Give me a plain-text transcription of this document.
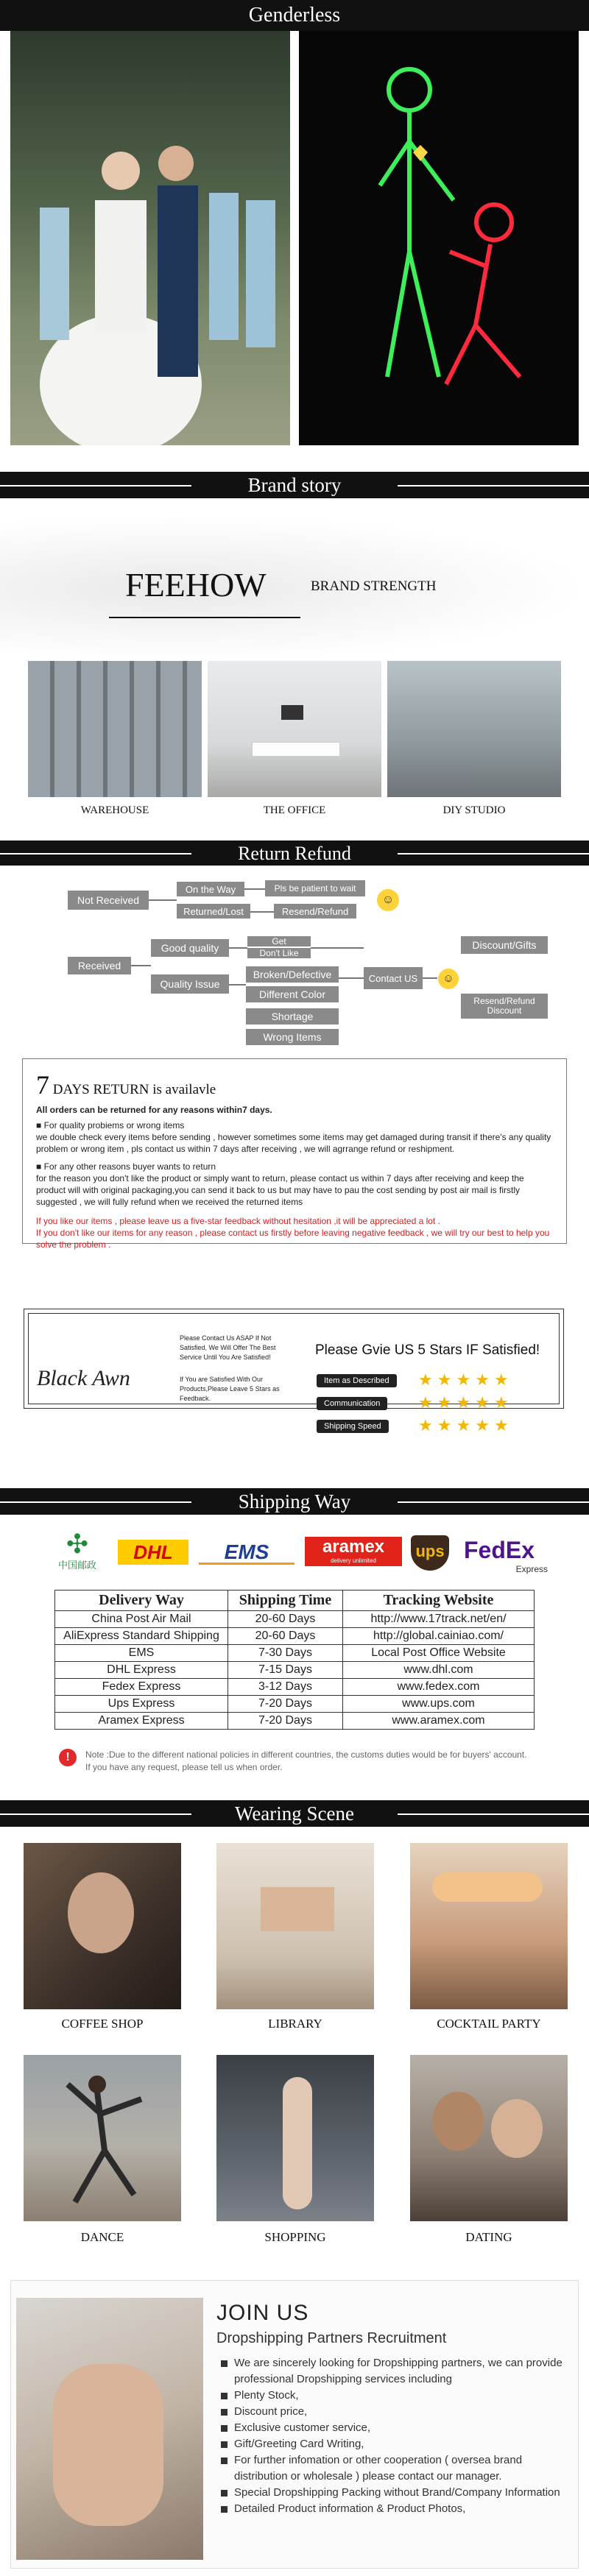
Genderless
Brand story
FEEHOW	BRAND STRENGTH
WAREHOUSE	THE OFFICE	DIY STUDIO
Return Refund
Not Received
On the Way	Pls be patient to wait
Returned/Lost	Resend/Refund
☺
Received
Good quality
Quality Issue
Get
Don't Like
Broken/Defective
Different Color
Shortage
Wrong Items
Contact US
Discount/Gifts
Resend/Refund Discount
☺
7 DAYS RETURN is availavle
All orders can be returned for any reasons within7 days.
■ For quality probiems or wrong items
we double check every items before sending , however sometimes some items may get damaged during transit if there's any quality problem or wrong item , pls contact us within 7 days after receiving , we will agrrange refund or reshipment.
■ For any other reasons buyer wants to return
for the reason you don't like the product or simply want to return, please contact us within 7 days after receiving and keep the product will with original packaging,you can send it back to us but may have to pau the cost sending by post air mail is firstly suggested , we will fully refund when we received the returned items
If you like our items , please leave us a five-star feedback without hesitation ,it will be appreciated a lot .
If you don't like our items for any reason , please contact us firstly before leaving negative feedback , we will try our best to help you solve the problem .
Black Awn
Please Contact Us ASAP If Not Satisfied, We Will Offer The Best Service Until You Are Satisfied!
If You are Satisfied With Our Products,Please Leave 5 Stars as Feedback.
Please Gvie US 5 Stars IF Satisfied!
Item as Described
Communication
Shipping Speed
★ ★ ★ ★ ★
★ ★ ★ ★ ★
★ ★ ★ ★ ★
Shipping Way
✣
中国邮政
DHL	EMS	aramex
delivery unlimited
ups FedEx
Express
Delivery Way	Shipping Time	Tracking Website
China Post Air Mail	20-60 Days	http://www.17track.net/en/
AliExpress Standard Shipping	20-60 Days	http://global.cainiao.com/
EMS	7-30 Days	Local Post Office Website
DHL Express	7-15 Days	www.dhl.com
Fedex Express	3-12 Days	www.fedex.com
Ups Express	7-20 Days	www.ups.com
Aramex Express	7-20 Days	www.aramex.com
!	Note :Due to the different national policies in different countries, the customs duties would be for buyers' account. If you have any request, please tell us when order.
Wearing Scene
COFFEE SHOP	LIBRARY	COCKTAIL PARTY
DANCE	SHOPPING	DATING
JOIN US
Dropshipping Partners Recruitment
We are sincerely looking for Dropshipping partners, we can provide professional Dropshipping services including
Plenty Stock,
Discount price,
Exclusive customer service,
Gift/Greeting Card Writing,
For further infomation or other cooperation ( oversea brand distribution or wholesale ) please contact our manager.
Special Dropshipping Packing without Brand/Company Information
Detailed Product information & Product Photos,
